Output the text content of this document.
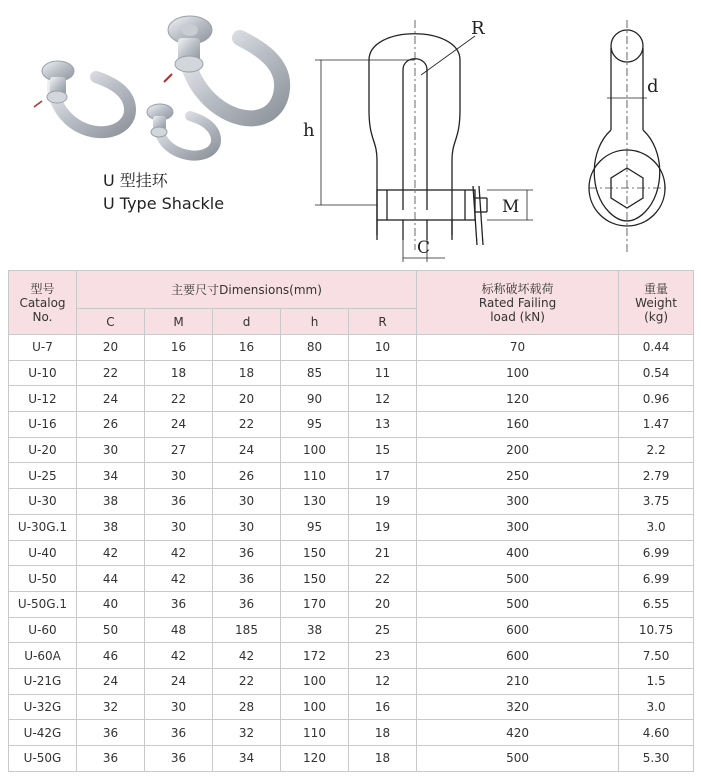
U 型挂环
U Type Shackle
R
h
M
C
d
型号
Catalog
No.	主要尺寸Dimensions(mm)					标称破坏载荷
Rated Failing
load (kN)	重量
Weight
(kg)

	C	M	d	h	R		
U-7	20	16	16	80	10	70	0.44
U-10	22	18	18	85	11	100	0.54
U-12	24	22	20	90	12	120	0.96
U-16	26	24	22	95	13	160	1.47
U-20	30	27	24	100	15	200	2.2
U-25	34	30	26	110	17	250	2.79
U-30	38	36	30	130	19	300	3.75
U-30G.1	38	30	30	95	19	300	3.0
U-40	42	42	36	150	21	400	6.99
U-50	44	42	36	150	22	500	6.99
U-50G.1	40	36	36	170	20	500	6.55
U-60	50	48	185	38	25	600	10.75
U-60A	46	42	42	172	23	600	7.50
U-21G	24	24	22	100	12	210	1.5
U-32G	32	30	28	100	16	320	3.0
U-42G	36	36	32	110	18	420	4.60
U-50G	36	36	34	120	18	500	5.30
